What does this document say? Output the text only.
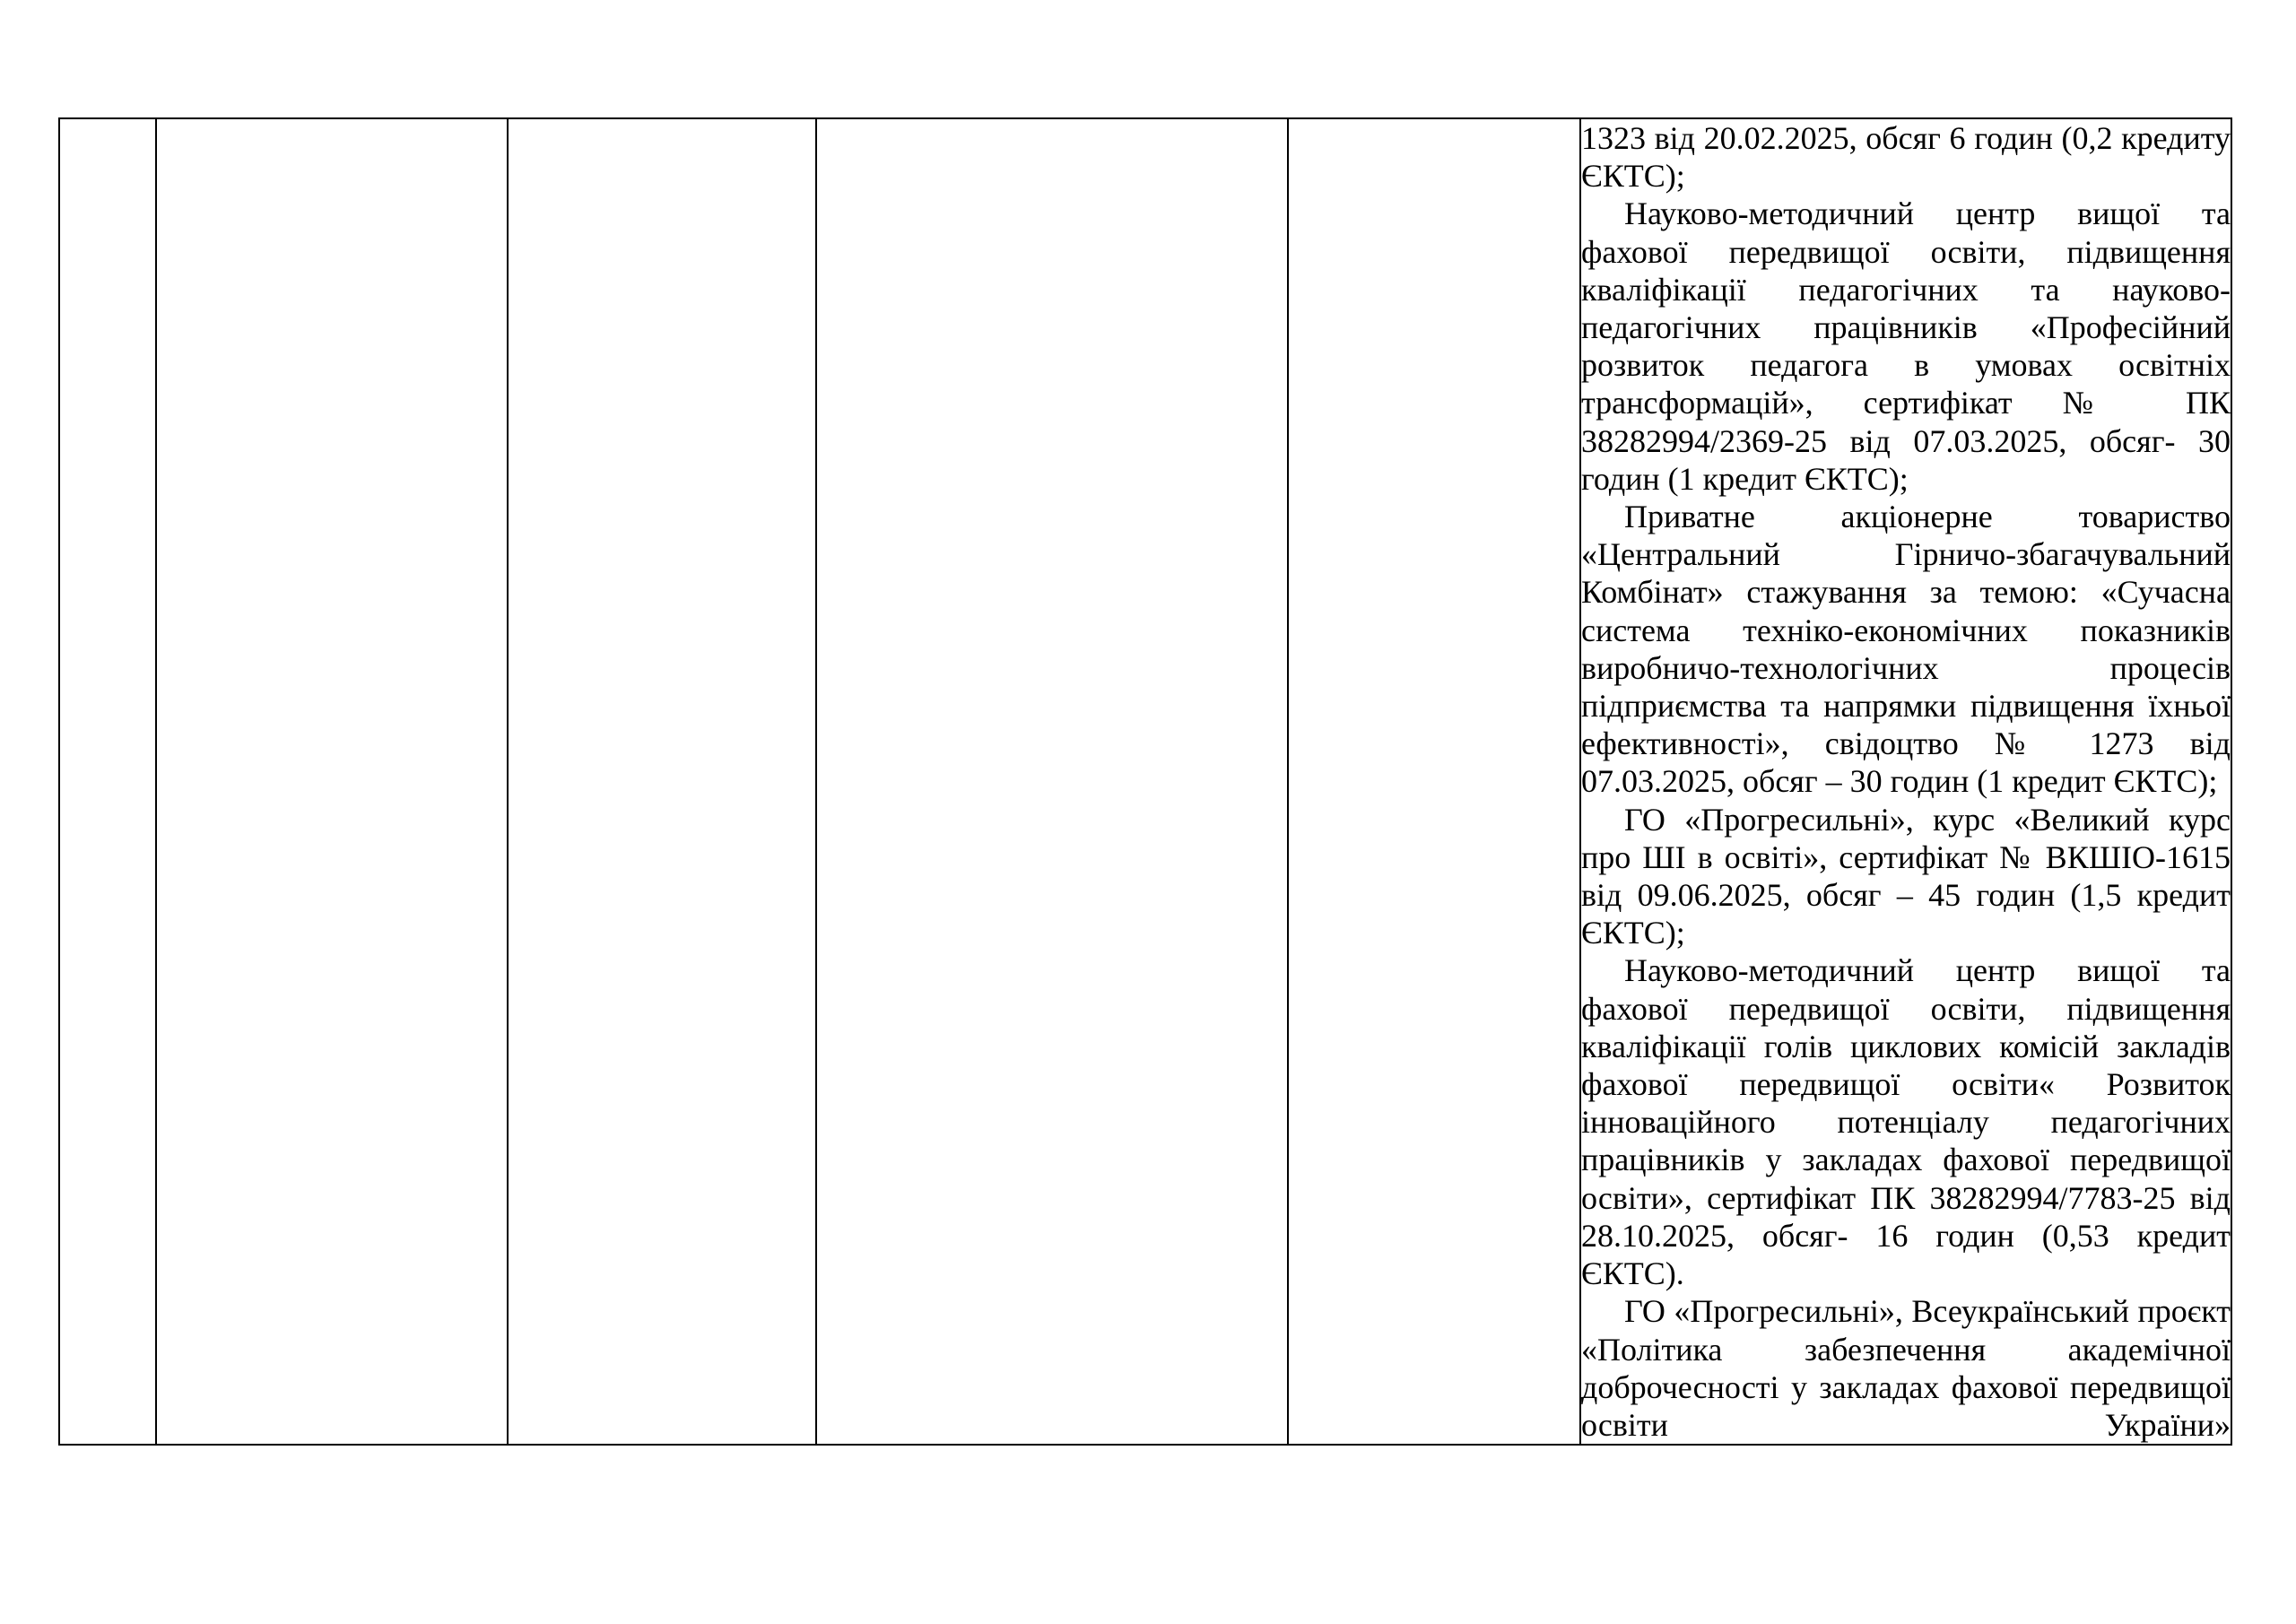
1323 від 20.02.2025, обсяг 6 годин (0,2 кредиту ЄКТС);

Науково-методичний центр вищої та фахової передвищої освіти, підвищення кваліфікації педагогічних та науково-педагогічних працівників «Професійний розвиток педагога в умовах освітніх трансформацій», сертифікат № ПК 38282994/2369-25 від 07.03.2025, обсяг- 30 годин (1 кредит ЄКТС);

Приватне акціонерне товариство «Центральний Гірничо-збагачувальний Комбінат» стажування за темою: «Сучасна система техніко-економічних показників виробничо-технологічних процесів підприємства та напрямки підвищення їхньої ефективності», свідоцтво № 1273 від 07.03.2025, обсяг – 30 годин (1 кредит ЄКТС);

ГО «Прогресильні», курс «Великий курс про ШІ в освіті», сертифікат № ВКШІО-1615 від 09.06.2025, обсяг – 45 годин (1,5 кредит ЄКТС);

Науково-методичний центр вищої та фахової передвищої освіти, підвищення кваліфікації голів циклових комісій закладів фахової передвищої освіти« Розвиток інноваційного потенціалу педагогічних працівників у закладах фахової передвищої освіти», сертифікат ПК 38282994/7783-25 від 28.10.2025, обсяг- 16 годин (0,53 кредит ЄКТС).

ГО «Прогресильні», Всеукраїнський проєкт «Політика забезпечення академічної доброчесності у закладах фахової передвищої освіти України»
